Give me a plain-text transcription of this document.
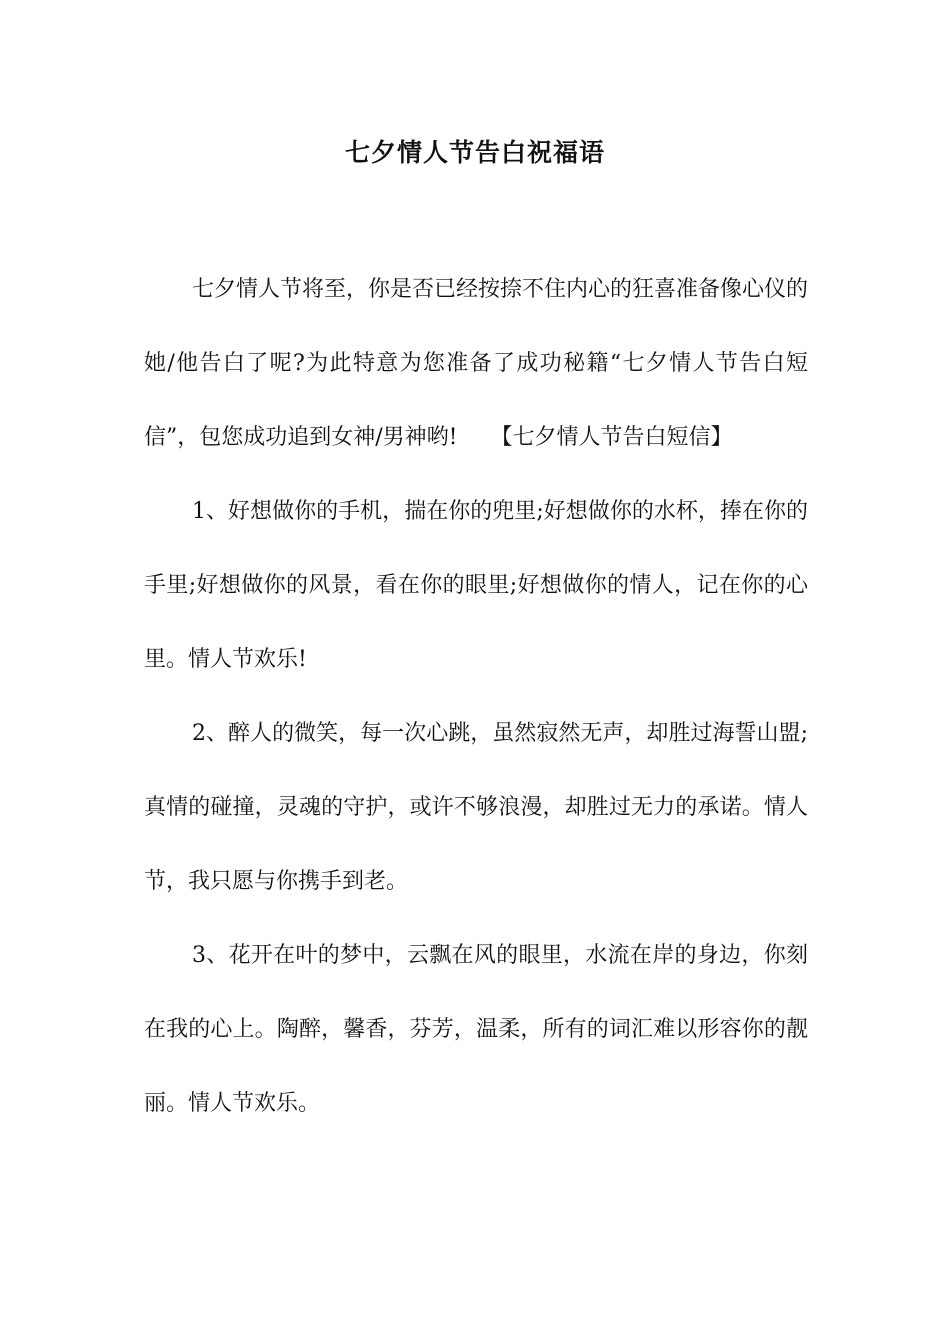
七夕情人节告白祝福语

七夕情人节将至，你是否已经按捺不住内心的狂喜准备像心仪的她/他告白了呢?为此特意为您准备了成功秘籍“七夕情人节告白短信”，包您成功追到女神/男神哟!　　【七夕情人节告白短信】

1、好想做你的手机，揣在你的兜里;好想做你的水杯，捧在你的手里;好想做你的风景，看在你的眼里;好想做你的情人，记在你的心里。情人节欢乐!

2、醉人的微笑，每一次心跳，虽然寂然无声，却胜过海誓山盟;真情的碰撞，灵魂的守护，或许不够浪漫，却胜过无力的承诺。情人节，我只愿与你携手到老。

3、花开在叶的梦中，云飘在风的眼里，水流在岸的身边，你刻在我的心上。陶醉，馨香，芬芳，温柔，所有的词汇难以形容你的靓丽。情人节欢乐。
